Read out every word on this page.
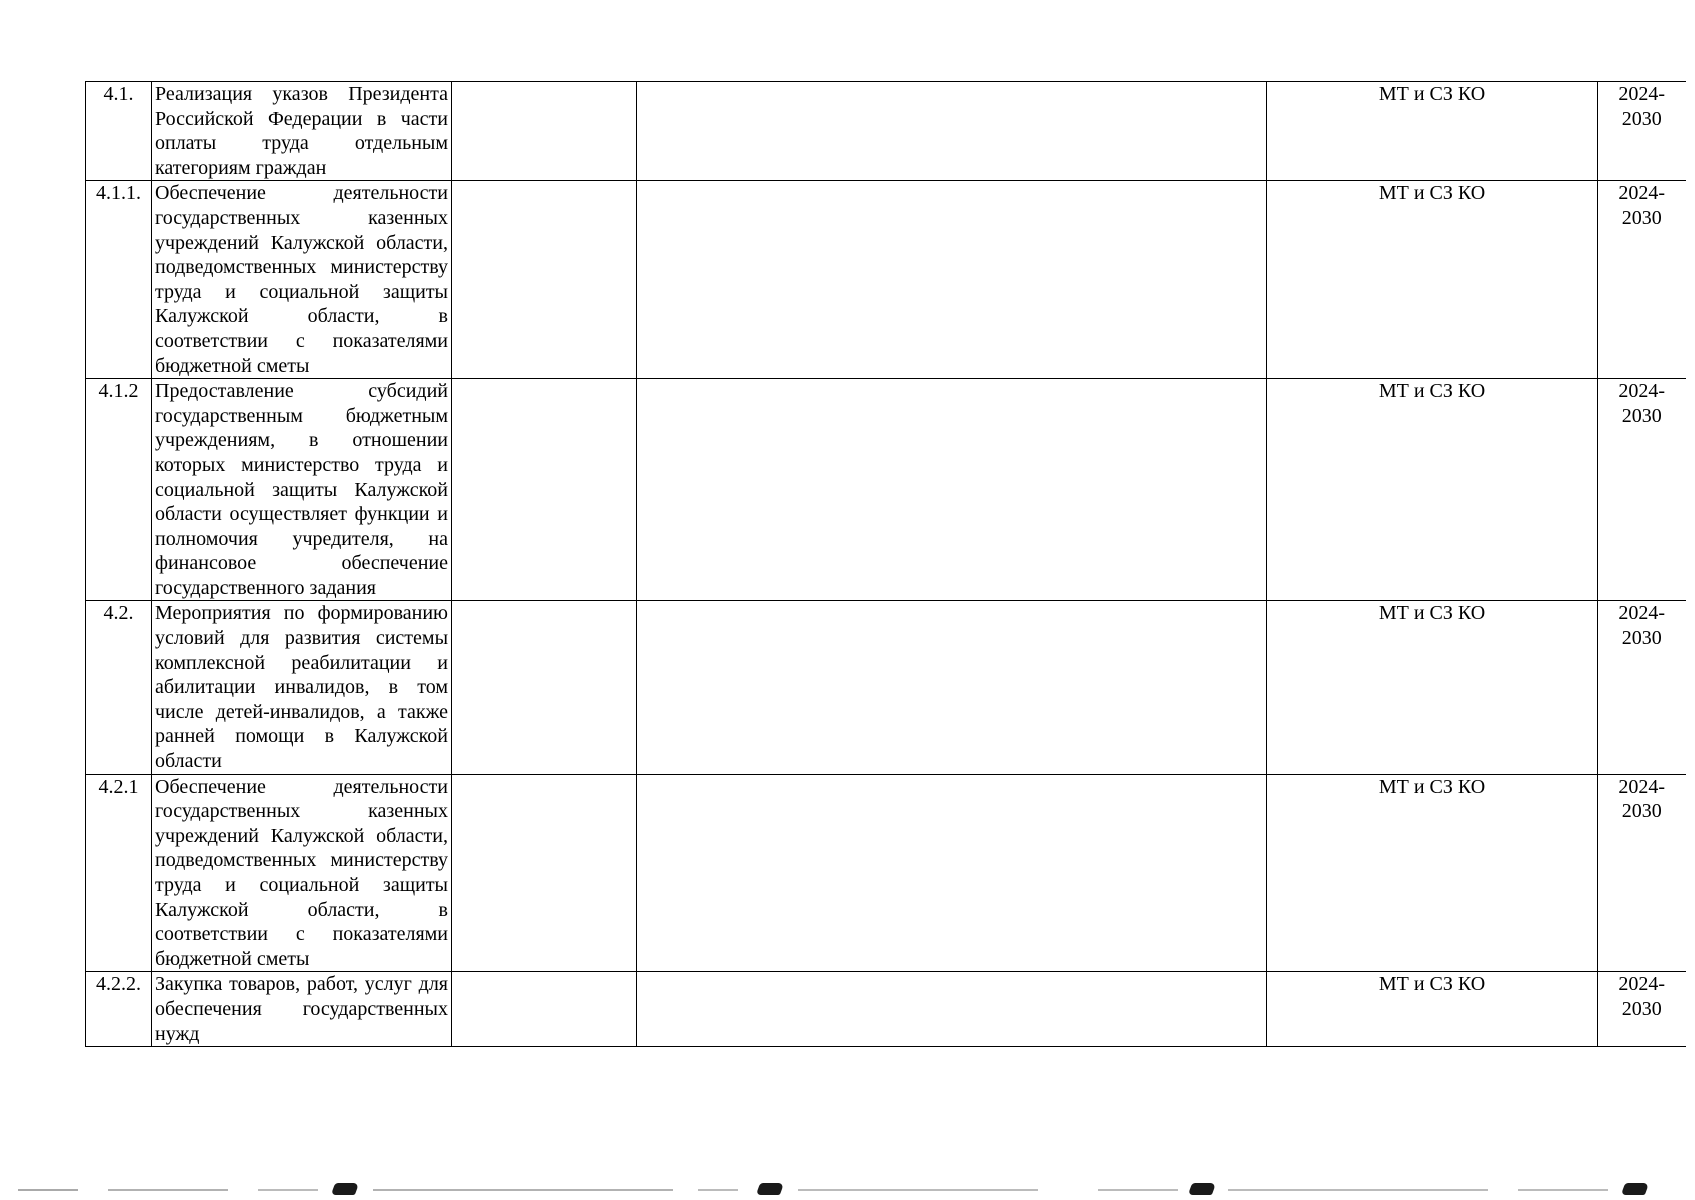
4.1.	Реализация указов Президента Российской Федерации в части оплаты труда отдельным категориям граждан			МТ и СЗ КО	2024-
2030

4.1.1.	Обеспечение деятельности государственных казенных учреждений Калужской области, подведомственных министерству труда и социальной защиты Калужской области, в соответствии с показателями бюджетной сметы			МТ и СЗ КО	2024-
2030

4.1.2	Предоставление субсидий государственным бюджетным учреждениям, в отношении которых министерство труда и социальной защиты Калужской области осуществляет функции и полномочия учредителя, на финансовое обеспечение государственного задания			МТ и СЗ КО	2024-
2030

4.2.	Мероприятия по формированию условий для развития системы комплексной реабилитации и абилитации инвалидов, в том числе детей-инвалидов, а также ранней помощи в Калужской области			МТ и СЗ КО	2024-
2030

4.2.1	Обеспечение деятельности государственных казенных учреждений Калужской области, подведомственных министерству труда и социальной защиты Калужской области, в соответствии с показателями бюджетной сметы			МТ и СЗ КО	2024-
2030

4.2.2.	Закупка товаров, работ, услуг для обеспечения государственных нужд			МТ и СЗ КО	2024-
2030
